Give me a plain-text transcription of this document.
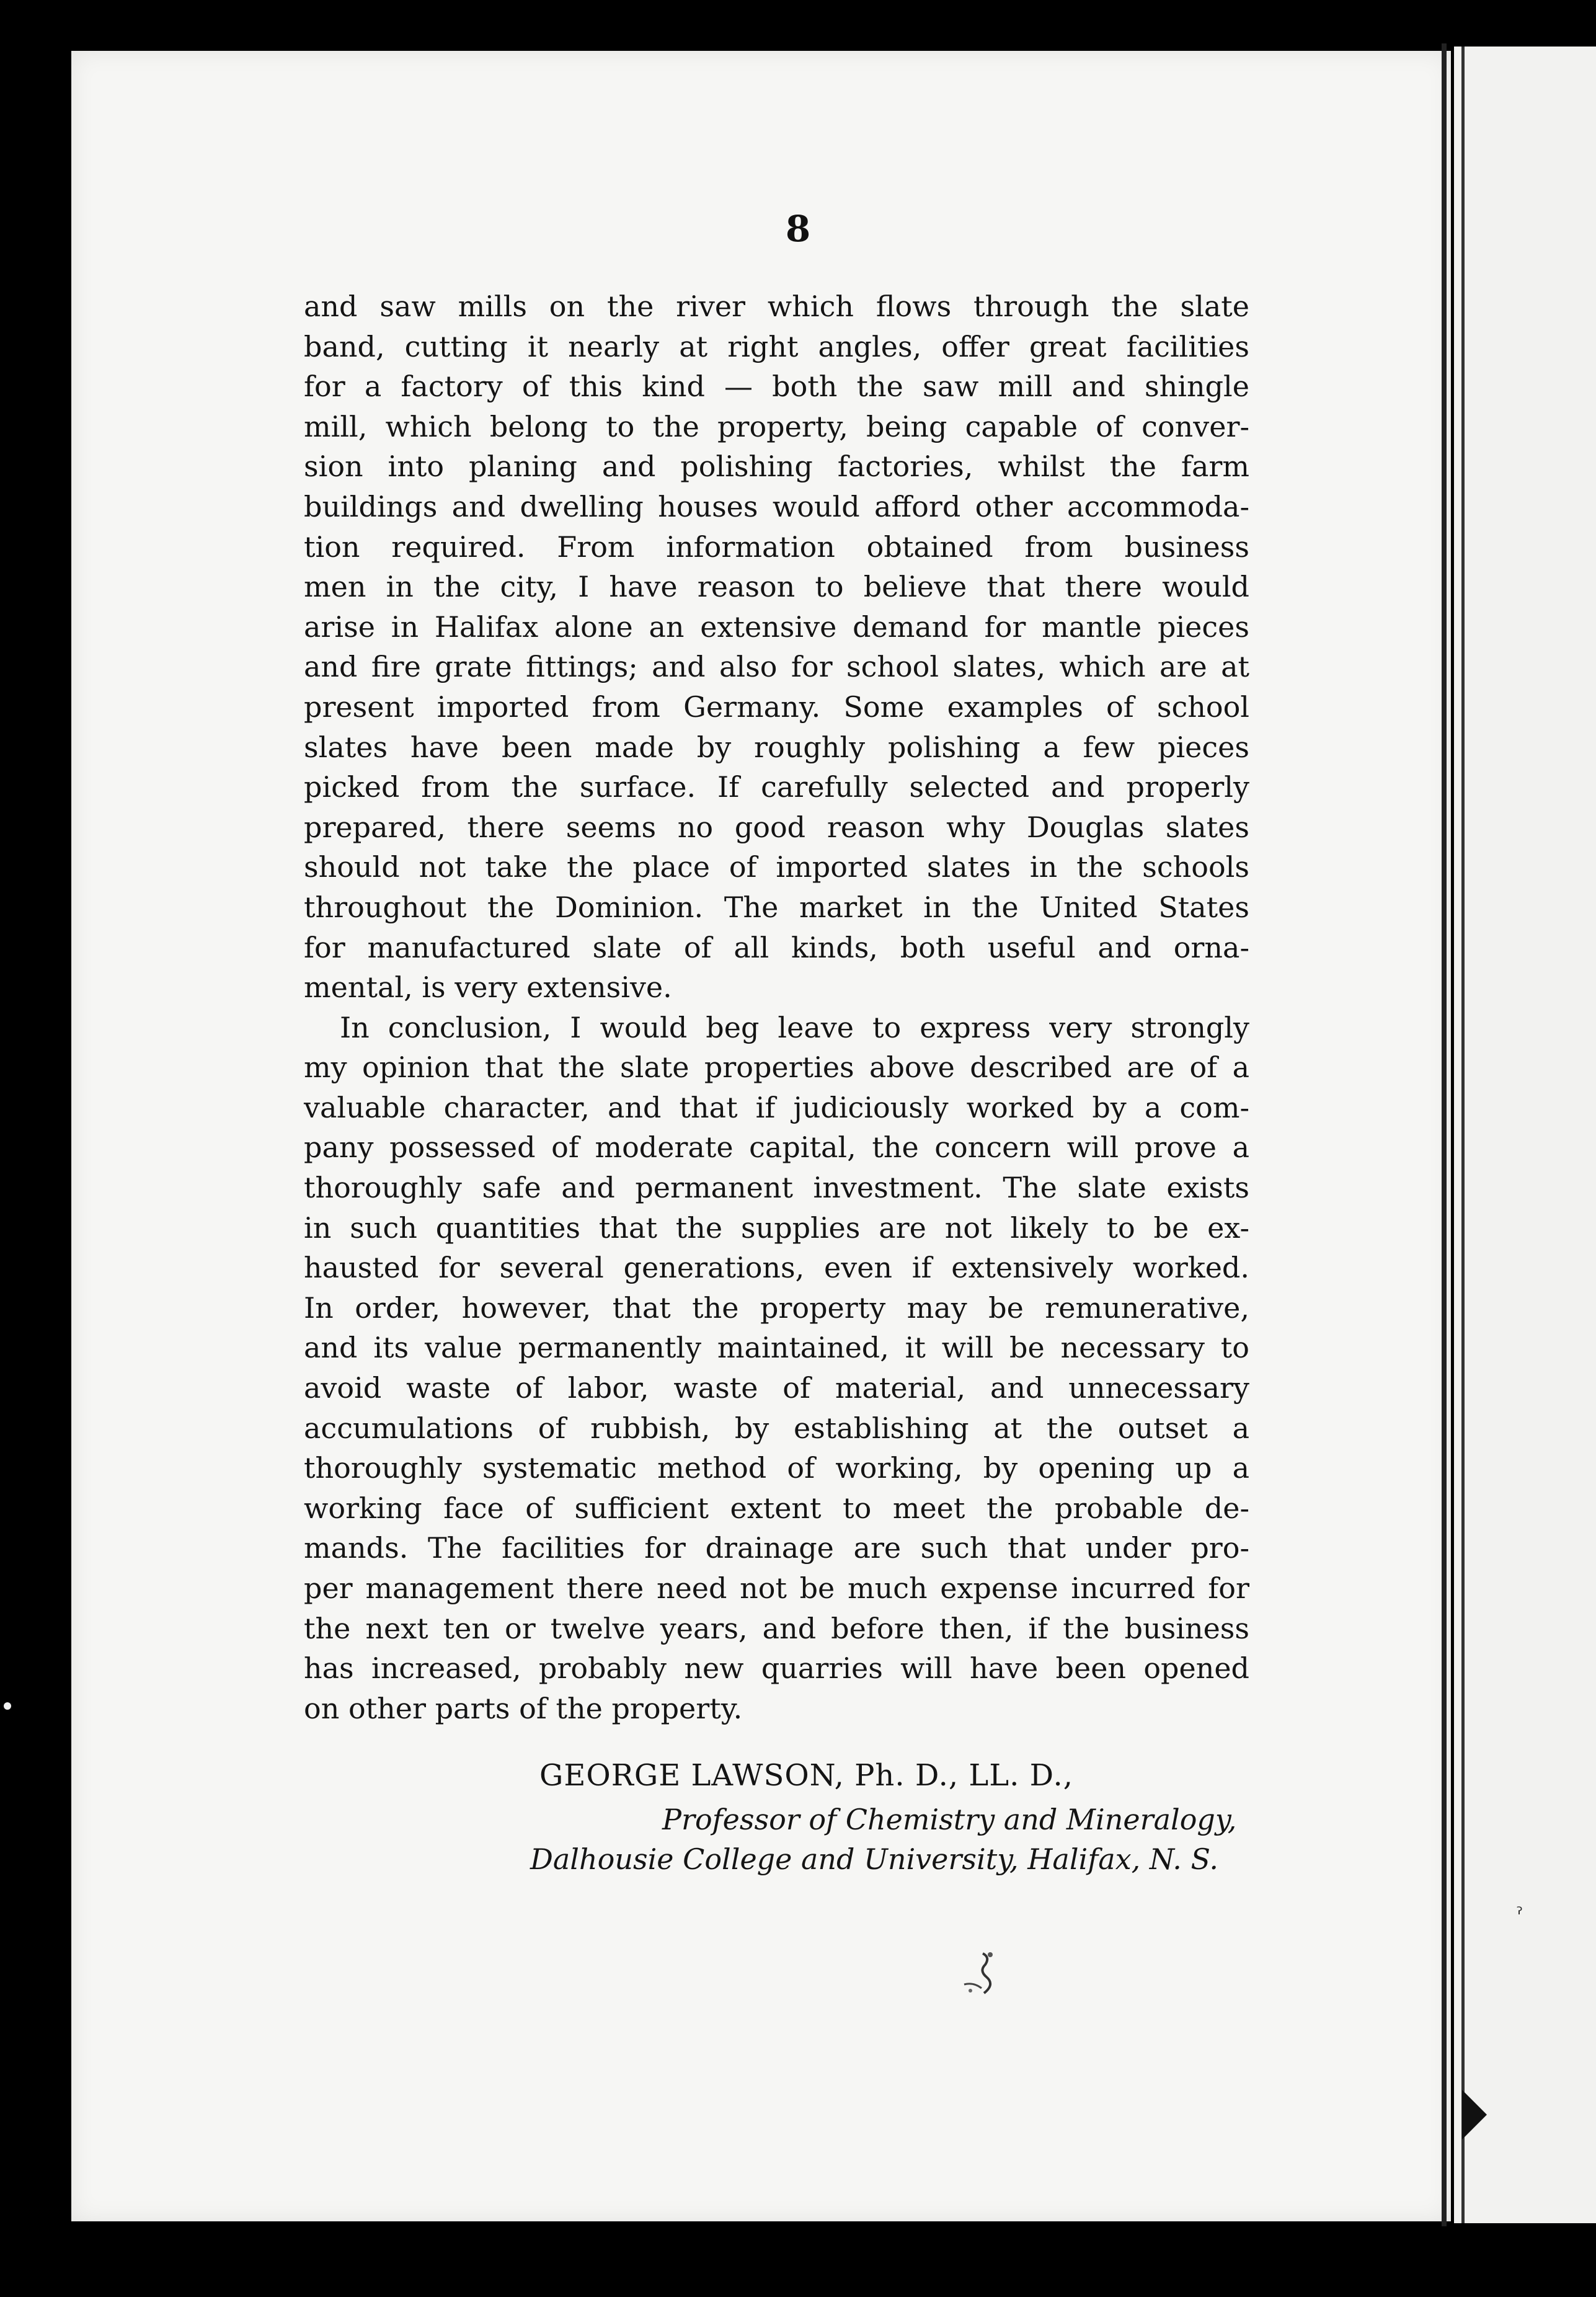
ˀ
8
and saw mills on the river which flows through the slate
band, cutting it nearly at right angles, offer great facilities
for a factory of this kind — both the saw mill and shingle
mill, which belong to the property, being capable of conver-
sion into planing and polishing factories, whilst the farm
buildings and dwelling houses would afford other accommoda-
tion required. From information obtained from business
men in the city, I have reason to believe that there would
arise in Halifax alone an extensive demand for mantle pieces
and fire grate fittings; and also for school slates, which are at
present imported from Germany. Some examples of school
slates have been made by roughly polishing a few pieces
picked from the surface. If carefully selected and properly
prepared, there seems no good reason why Douglas slates
should not take the place of imported slates in the schools
throughout the Dominion. The market in the United States
for manufactured slate of all kinds, both useful and orna-
mental, is very extensive.
In conclusion, I would beg leave to express very strongly
my opinion that the slate properties above described are of a
valuable character, and that if judiciously worked by a com-
pany possessed of moderate capital, the concern will prove a
thoroughly safe and permanent investment. The slate exists
in such quantities that the supplies are not likely to be ex-
hausted for several generations, even if extensively worked.
In order, however, that the property may be remunerative,
and its value permanently maintained, it will be necessary to
avoid waste of labor, waste of material, and unnecessary
accumulations of rubbish, by establishing at the outset a
thoroughly systematic method of working, by opening up a
working face of sufficient extent to meet the probable de-
mands. The facilities for drainage are such that under pro-
per management there need not be much expense incurred for
the next ten or twelve years, and before then, if the business
has increased, probably new quarries will have been opened
on other parts of the property.
GEORGE LAWSON, Ph. D., LL. D.,
Professor of Chemistry and Mineralogy,
Dalhousie College and University, Halifax, N. S.
